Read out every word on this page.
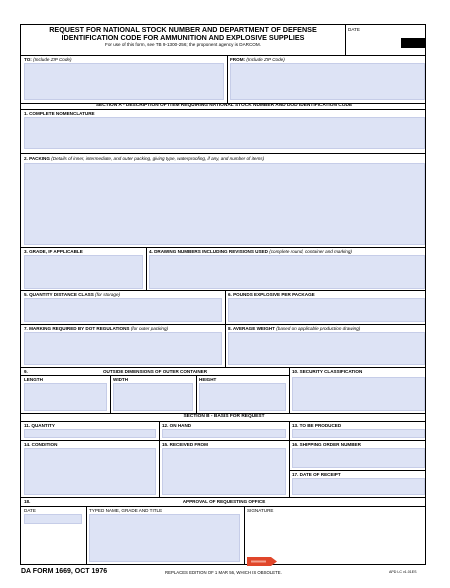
REQUEST FOR NATIONAL STOCK NUMBER AND DEPARTMENT OF DEFENSE
IDENTIFICATION CODE FOR AMMUNITION AND EXPLOSIVE SUPPLIES
For use of this form, see TB 9-1300-256; the proponent agency is DARCOM.
DATE
TO: (Include ZIP Code)	FROM: (Include ZIP Code)
SECTION A - DESCRIPTION OF ITEM REQUIRING NATIONAL STOCK NUMBER AND DOD IDENTIFICATION CODE
1. COMPLETE NOMENCLATURE
2. PACKING (Details of inner, intermediate, and outer packing, giving type, waterproofing, if any, and number of items)
3. GRADE, IF APPLICABLE	4. DRAWING NUMBERS INCLUDING REVISIONS USED (complete round, container and marking)
5. QUANTITY DISTANCE CLASS (for storage)	6. POUNDS EXPLOSIVE PER PACKAGE
7. MARKING REQUIRED BY DOT REGULATIONS (for outer packing)	8. AVERAGE WEIGHT (based on applicable production drawing)
9.	OUTSIDE DIMENSIONS OF OUTER CONTAINER
LENGTH	WIDTH	HEIGHT
10. SECURITY CLASSIFICATION
SECTION B - BASIS FOR REQUEST
11. QUANTITY	12. ON HAND	13. TO BE PRODUCED
14. CONDITION	15. RECEIVED FROM	16. SHIPPING ORDER NUMBER
17. DATE OF RECEIPT
18.	APPROVAL OF REQUESTING OFFICE
DATE	TYPED NAME, GRADE AND TITLE	SIGNATURE
DA FORM 1669, OCT 1976	REPLACES EDITION OF 1 MAR 56, WHICH IS OBSOLETE.	APD LC v1.01ES
